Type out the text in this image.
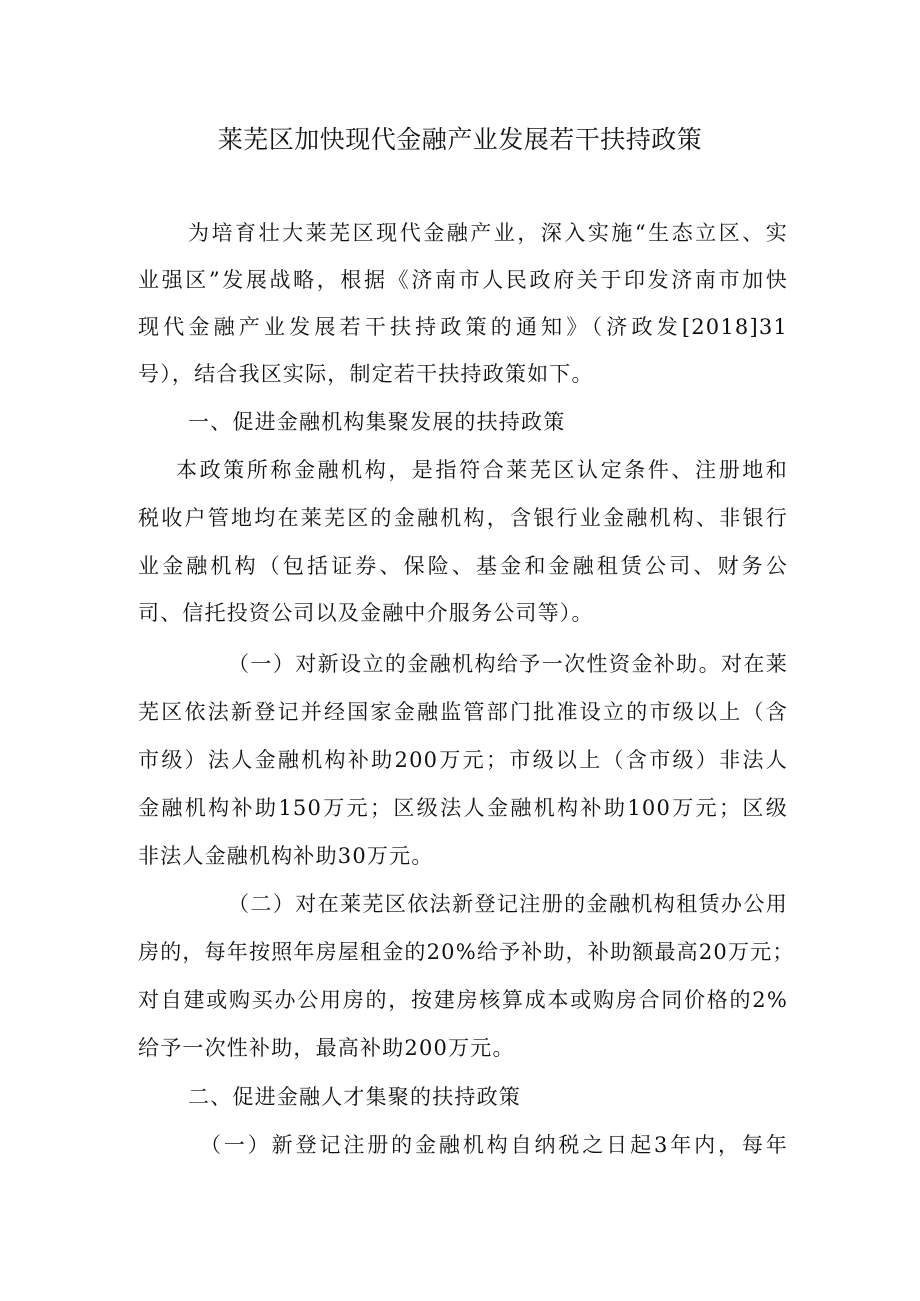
莱芜区加快现代金融产业发展若干扶持政策
为培育壮大莱芜区现代金融产业，深入实施“生态立区、实
业强区”发展战略，根据《济南市人民政府关于印发济南市加快
现代金融产业发展若干扶持政策的通知》（济政发[2018]31
号），结合我区实际，制定若干扶持政策如下。
一、促进金融机构集聚发展的扶持政策
本政策所称金融机构，是指符合莱芜区认定条件、注册地和
税收户管地均在莱芜区的金融机构，含银行业金融机构、非银行
业金融机构（包括证券、保险、基金和金融租赁公司、财务公
司、信托投资公司以及金融中介服务公司等）。
（一）对新设立的金融机构给予一次性资金补助。对在莱
芜区依法新登记并经国家金融监管部门批准设立的市级以上（含
市级）法人金融机构补助200万元；市级以上（含市级）非法人
金融机构补助150万元；区级法人金融机构补助100万元；区级
非法人金融机构补助30万元。
（二）对在莱芜区依法新登记注册的金融机构租赁办公用
房的，每年按照年房屋租金的20%给予补助，补助额最高20万元；
对自建或购买办公用房的，按建房核算成本或购房合同价格的2%
给予一次性补助，最高补助200万元。
二、促进金融人才集聚的扶持政策
（一）新登记注册的金融机构自纳税之日起3年内，每年
